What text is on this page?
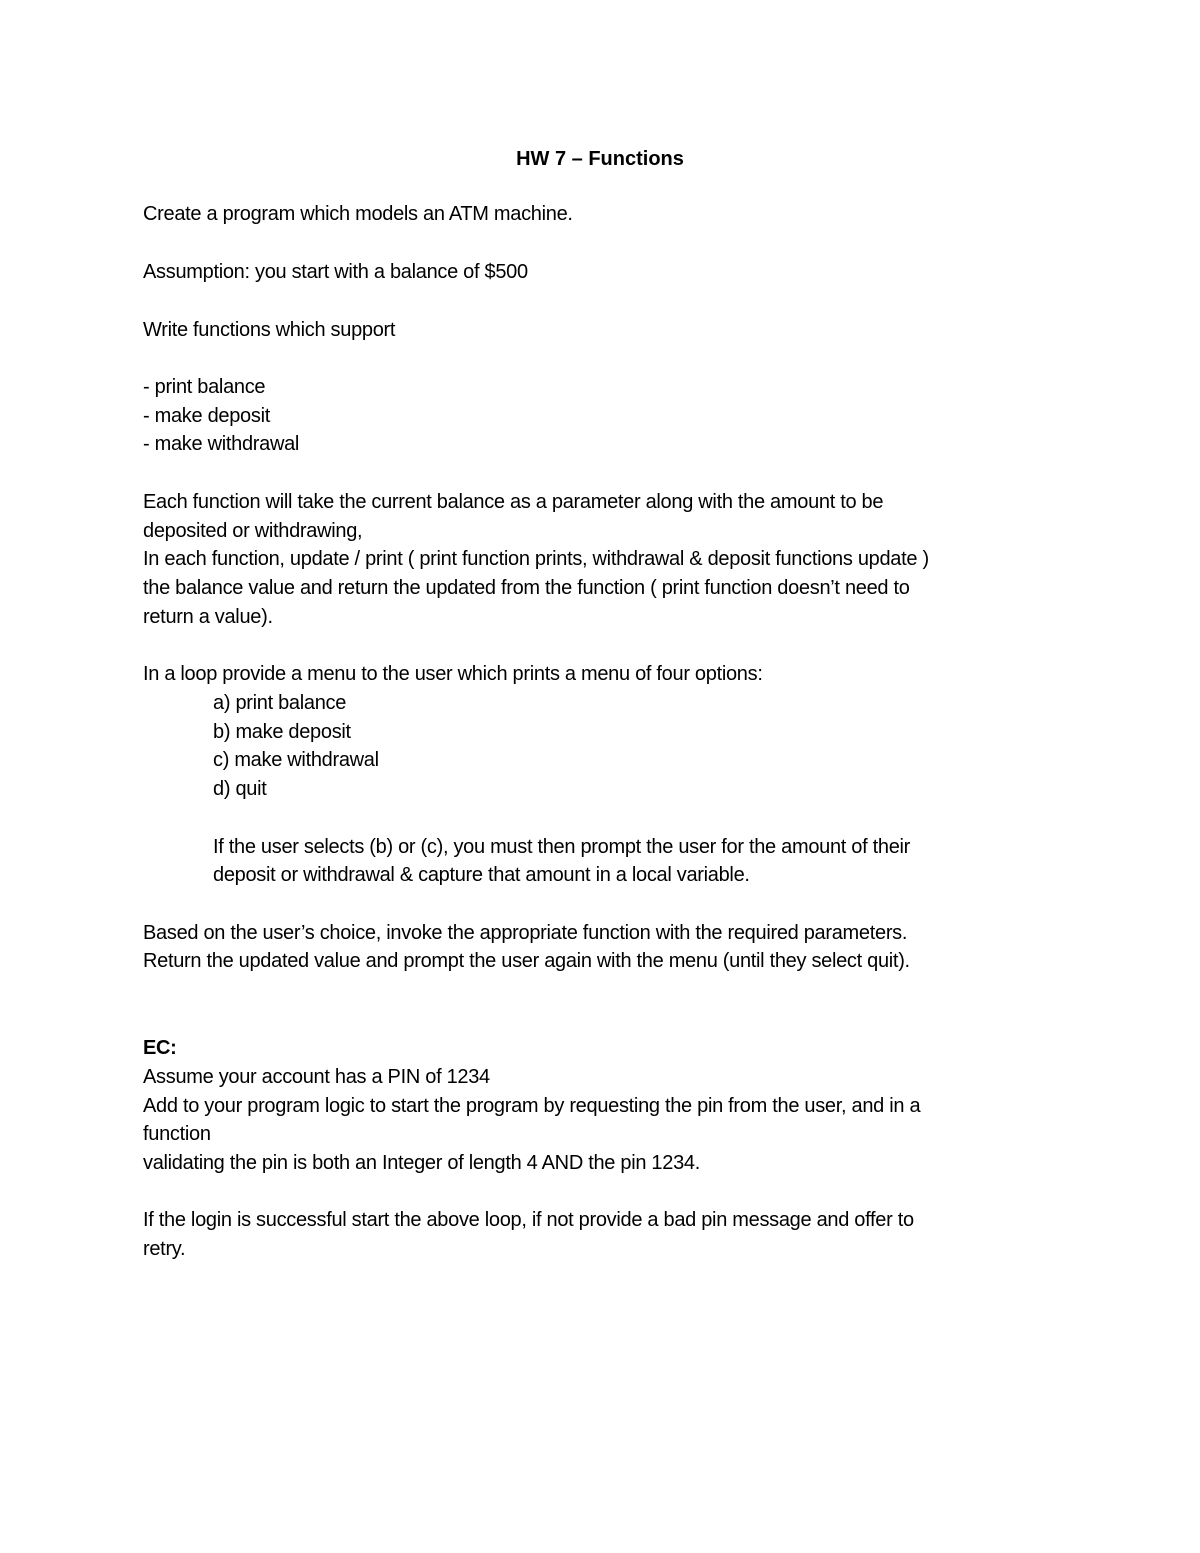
HW 7 – Functions
Create a program which models an ATM machine.
Assumption: you start with a balance of $500
Write functions which support
- print balance
- make deposit
- make withdrawal
Each function will take the current balance as a parameter along with the amount to be
deposited or withdrawing,
In each function, update / print ( print function prints, withdrawal & deposit functions update )
the balance value and return the updated from the function ( print function doesn’t need to
return a value).
In a loop provide a menu to the user which prints a menu of four options:
a) print balance
b) make deposit
c) make withdrawal
d) quit
If the user selects (b) or (c), you must then prompt the user for the amount of their
deposit or withdrawal & capture that amount in a local variable.
Based on the user’s choice, invoke the appropriate function with the required parameters.
Return the updated value and prompt the user again with the menu (until they select quit).
EC:
Assume your account has a PIN of 1234
Add to your program logic to start the program by requesting the pin from the user, and in a
function
validating the pin is both an Integer of length 4 AND the pin 1234.
If the login is successful start the above loop, if not provide a bad pin message and offer to
retry.
